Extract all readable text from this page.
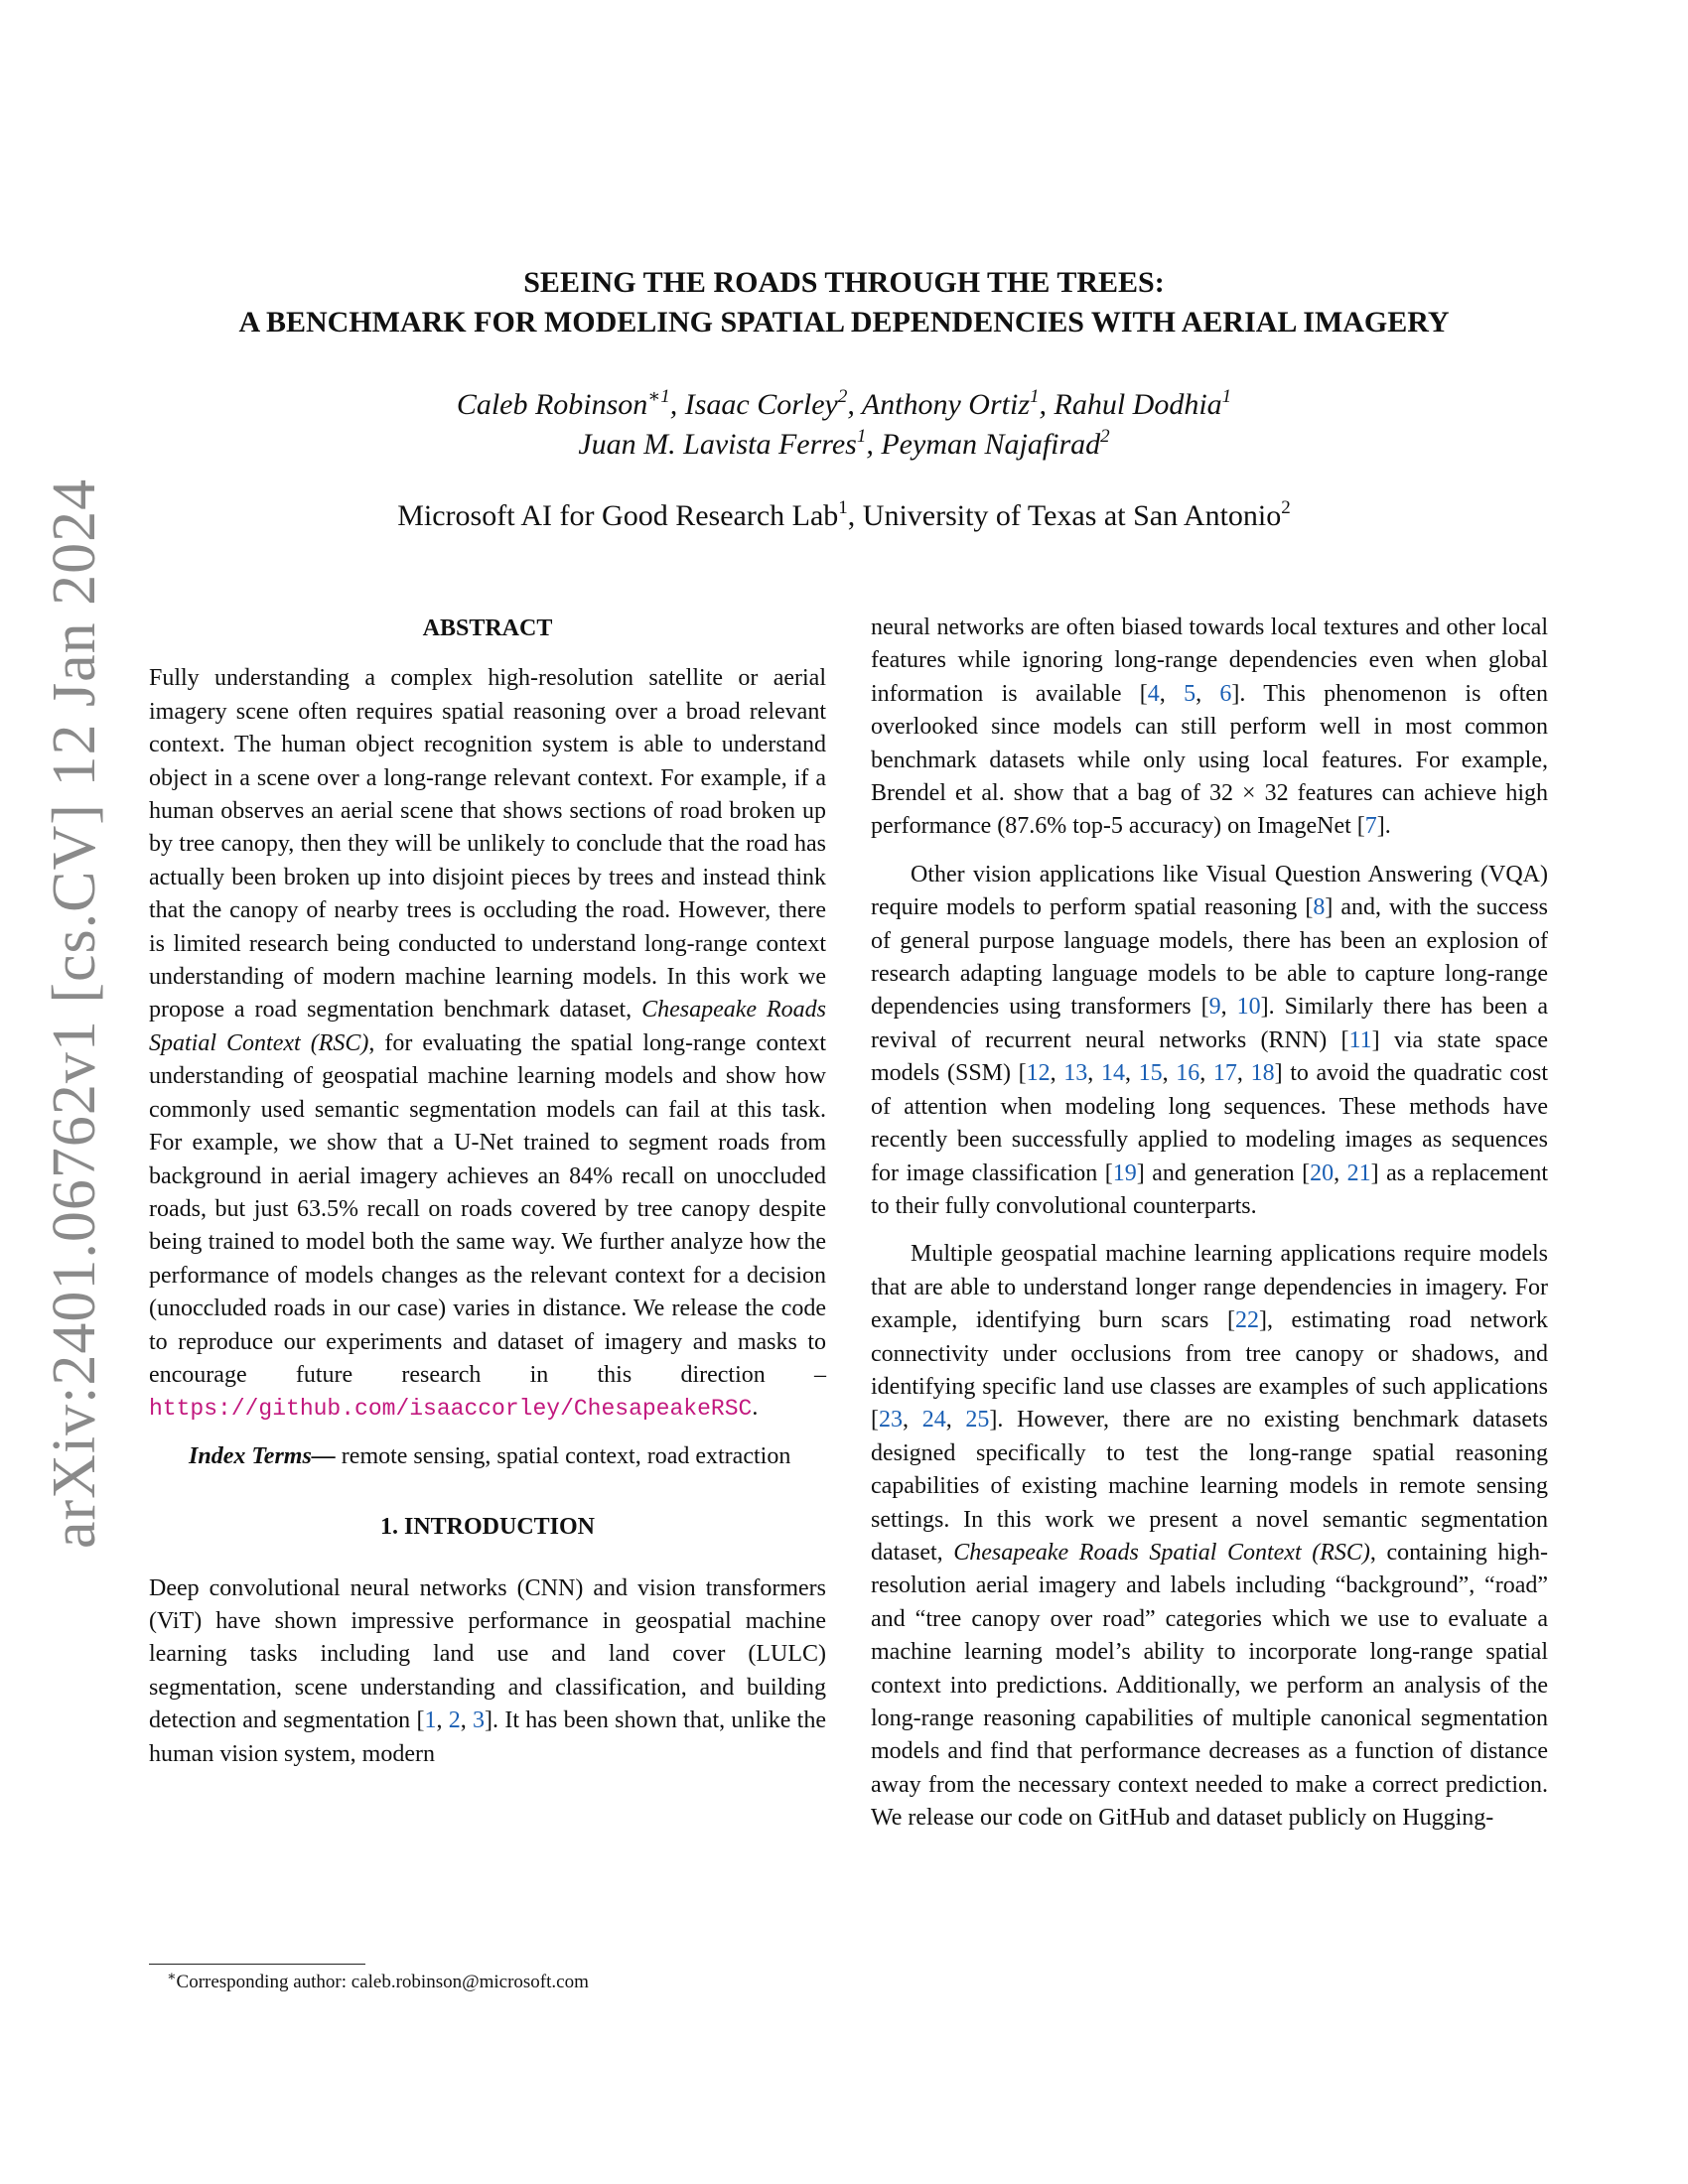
arXiv:2401.06762v1 [cs.CV] 12 Jan 2024

SEEING THE ROADS THROUGH THE TREES:

A BENCHMARK FOR MODELING SPATIAL DEPENDENCIES WITH AERIAL IMAGERY

Caleb Robinson$^{∗1}$, Isaac Corley$^2$, Anthony Ortiz$^1$, Rahul Dodhia$^1$
Juan M. Lavista Ferres$^1$, Peyman Najafirad$^2$
Microsoft AI for Good Research Lab$^1$, University of Texas at San Antonio$^2$
ABSTRACT

Fully understanding a complex high-resolution satellite or aerial imagery scene often requires spatial reasoning over a broad relevant context. The human object recognition system is able to understand object in a scene over a long-range relevant context. For example, if a human observes an aerial scene that shows sections of road broken up by tree canopy, then they will be unlikely to conclude that the road has actually been broken up into disjoint pieces by trees and instead think that the canopy of nearby trees is occluding the road. However, there is limited research being conducted to understand long-range context understanding of modern machine learning models. In this work we propose a road segmentation benchmark dataset, Chesapeake Roads Spatial Context (RSC), for evaluating the spatial long-range context understanding of geospatial machine learning models and show how commonly used semantic segmentation models can fail at this task. For example, we show that a U-Net trained to segment roads from background in aerial imagery achieves an 84% recall on unoccluded roads, but just 63.5% recall on roads covered by tree canopy despite being trained to model both the same way. We further analyze how the performance of models changes as the relevant context for a decision (unoccluded roads in our case) varies in distance. We release the code to reproduce our experiments and dataset of imagery and masks to encourage future research in this direction – https://github.com/isaaccorley/ChesapeakeRSC.

Index Terms— remote sensing, spatial context, road extraction

1. INTRODUCTION

Deep convolutional neural networks (CNN) and vision transformers (ViT) have shown impressive performance in geospatial machine learning tasks including land use and land cover (LULC) segmentation, scene understanding and classification, and building detection and segmentation [1, 2, 3]. It has been shown that, unlike the human vision system, modern

neural networks are often biased towards local textures and other local features while ignoring long-range dependencies even when global information is available [4, 5, 6]. This phenomenon is often overlooked since models can still perform well in most common benchmark datasets while only using local features. For example, Brendel et al. show that a bag of 32 × 32 features can achieve high performance (87.6% top-5 accuracy) on ImageNet [7].

Other vision applications like Visual Question Answering (VQA) require models to perform spatial reasoning [8] and, with the success of general purpose language models, there has been an explosion of research adapting language models to be able to capture long-range dependencies using transformers [9, 10]. Similarly there has been a revival of recurrent neural networks (RNN) [11] via state space models (SSM) [12, 13, 14, 15, 16, 17, 18] to avoid the quadratic cost of attention when modeling long sequences. These methods have recently been successfully applied to modeling images as sequences for image classification [19] and generation [20, 21] as a replacement to their fully convolutional counterparts.

Multiple geospatial machine learning applications require models that are able to understand longer range dependencies in imagery. For example, identifying burn scars [22], estimating road network connectivity under occlusions from tree canopy or shadows, and identifying specific land use classes are examples of such applications [23, 24, 25]. However, there are no existing benchmark datasets designed specifically to test the long-range spatial reasoning capabilities of existing machine learning models in remote sensing settings. In this work we present a novel semantic segmentation dataset, Chesapeake Roads Spatial Context (RSC), containing high-resolution aerial imagery and labels including “background”, “road” and “tree canopy over road” categories which we use to evaluate a machine learning model’s ability to incorporate long-range spatial context into predictions. Additionally, we perform an analysis of the long-range reasoning capabilities of multiple canonical segmentation models and find that performance decreases as a function of distance away from the necessary context needed to make a correct prediction. We release our code on GitHub and dataset publicly on Hugging-

∗Corresponding author: caleb.robinson@microsoft.com
